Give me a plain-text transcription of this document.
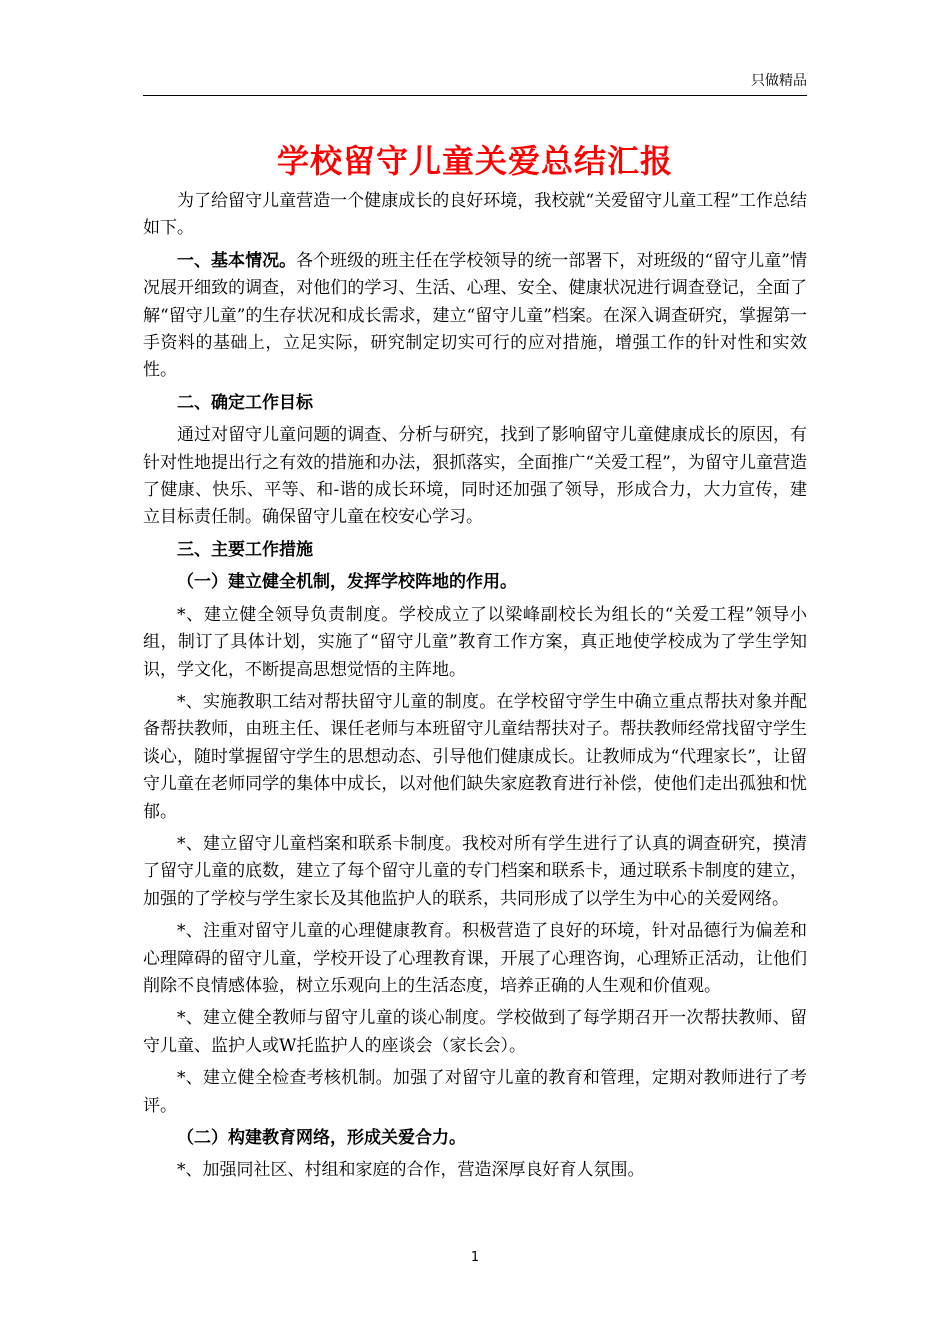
只做精品
学校留守儿童关爱总结汇报

为了给留守儿童营造一个健康成长的良好环境，我校就“关爱留守儿童工程”工作总结如下。

一、基本情况。各个班级的班主任在学校领导的统一部署下，对班级的“留守儿童”情况展开细致的调查，对他们的学习、生活、心理、安全、健康状况进行调查登记，全面了解“留守儿童”的生存状况和成长需求，建立“留守儿童”档案。在深入调查研究，掌握第一手资料的基础上，立足实际，研究制定切实可行的应对措施，增强工作的针对性和实效性。

二、确定工作目标

通过对留守儿童问题的调查、分析与研究，找到了影响留守儿童健康成长的原因，有针对性地提出行之有效的措施和办法，狠抓落实，全面推广“关爱工程”，为留守儿童营造了健康、快乐、平等、和-谐的成长环境，同时还加强了领导，形成合力，大力宣传，建立目标责任制。确保留守儿童在校安心学习。

三、主要工作措施

（一）建立健全机制，发挥学校阵地的作用。

*、建立健全领导负责制度。学校成立了以梁峰副校长为组长的“关爱工程”领导小组，制订了具体计划，实施了“留守儿童”教育工作方案，真正地使学校成为了学生学知识，学文化，不断提高思想觉悟的主阵地。

*、实施教职工结对帮扶留守儿童的制度。在学校留守学生中确立重点帮扶对象并配备帮扶教师，由班主任、课任老师与本班留守儿童结帮扶对子。帮扶教师经常找留守学生谈心，随时掌握留守学生的思想动态、引导他们健康成长。让教师成为“代理家长”，让留守儿童在老师同学的集体中成长，以对他们缺失家庭教育进行补偿，使他们走出孤独和忧郁。

*、建立留守儿童档案和联系卡制度。我校对所有学生进行了认真的调查研究，摸清了留守儿童的底数，建立了每个留守儿童的专门档案和联系卡，通过联系卡制度的建立，加强的了学校与学生家长及其他监护人的联系，共同形成了以学生为中心的关爱网络。

*、注重对留守儿童的心理健康教育。积极营造了良好的环境，针对品德行为偏差和心理障碍的留守儿童，学校开设了心理教育课，开展了心理咨询，心理矫正活动，让他们削除不良情感体验，树立乐观向上的生活态度，培养正确的人生观和价值观。

*、建立健全教师与留守儿童的谈心制度。学校做到了每学期召开一次帮扶教师、留守儿童、监护人或W托监护人的座谈会（家长会）。

*、建立健全检查考核机制。加强了对留守儿童的教育和管理，定期对教师进行了考评。

（二）构建教育网络，形成关爱合力。

*、加强同社区、村组和家庭的合作，营造深厚良好育人氛围。

1
